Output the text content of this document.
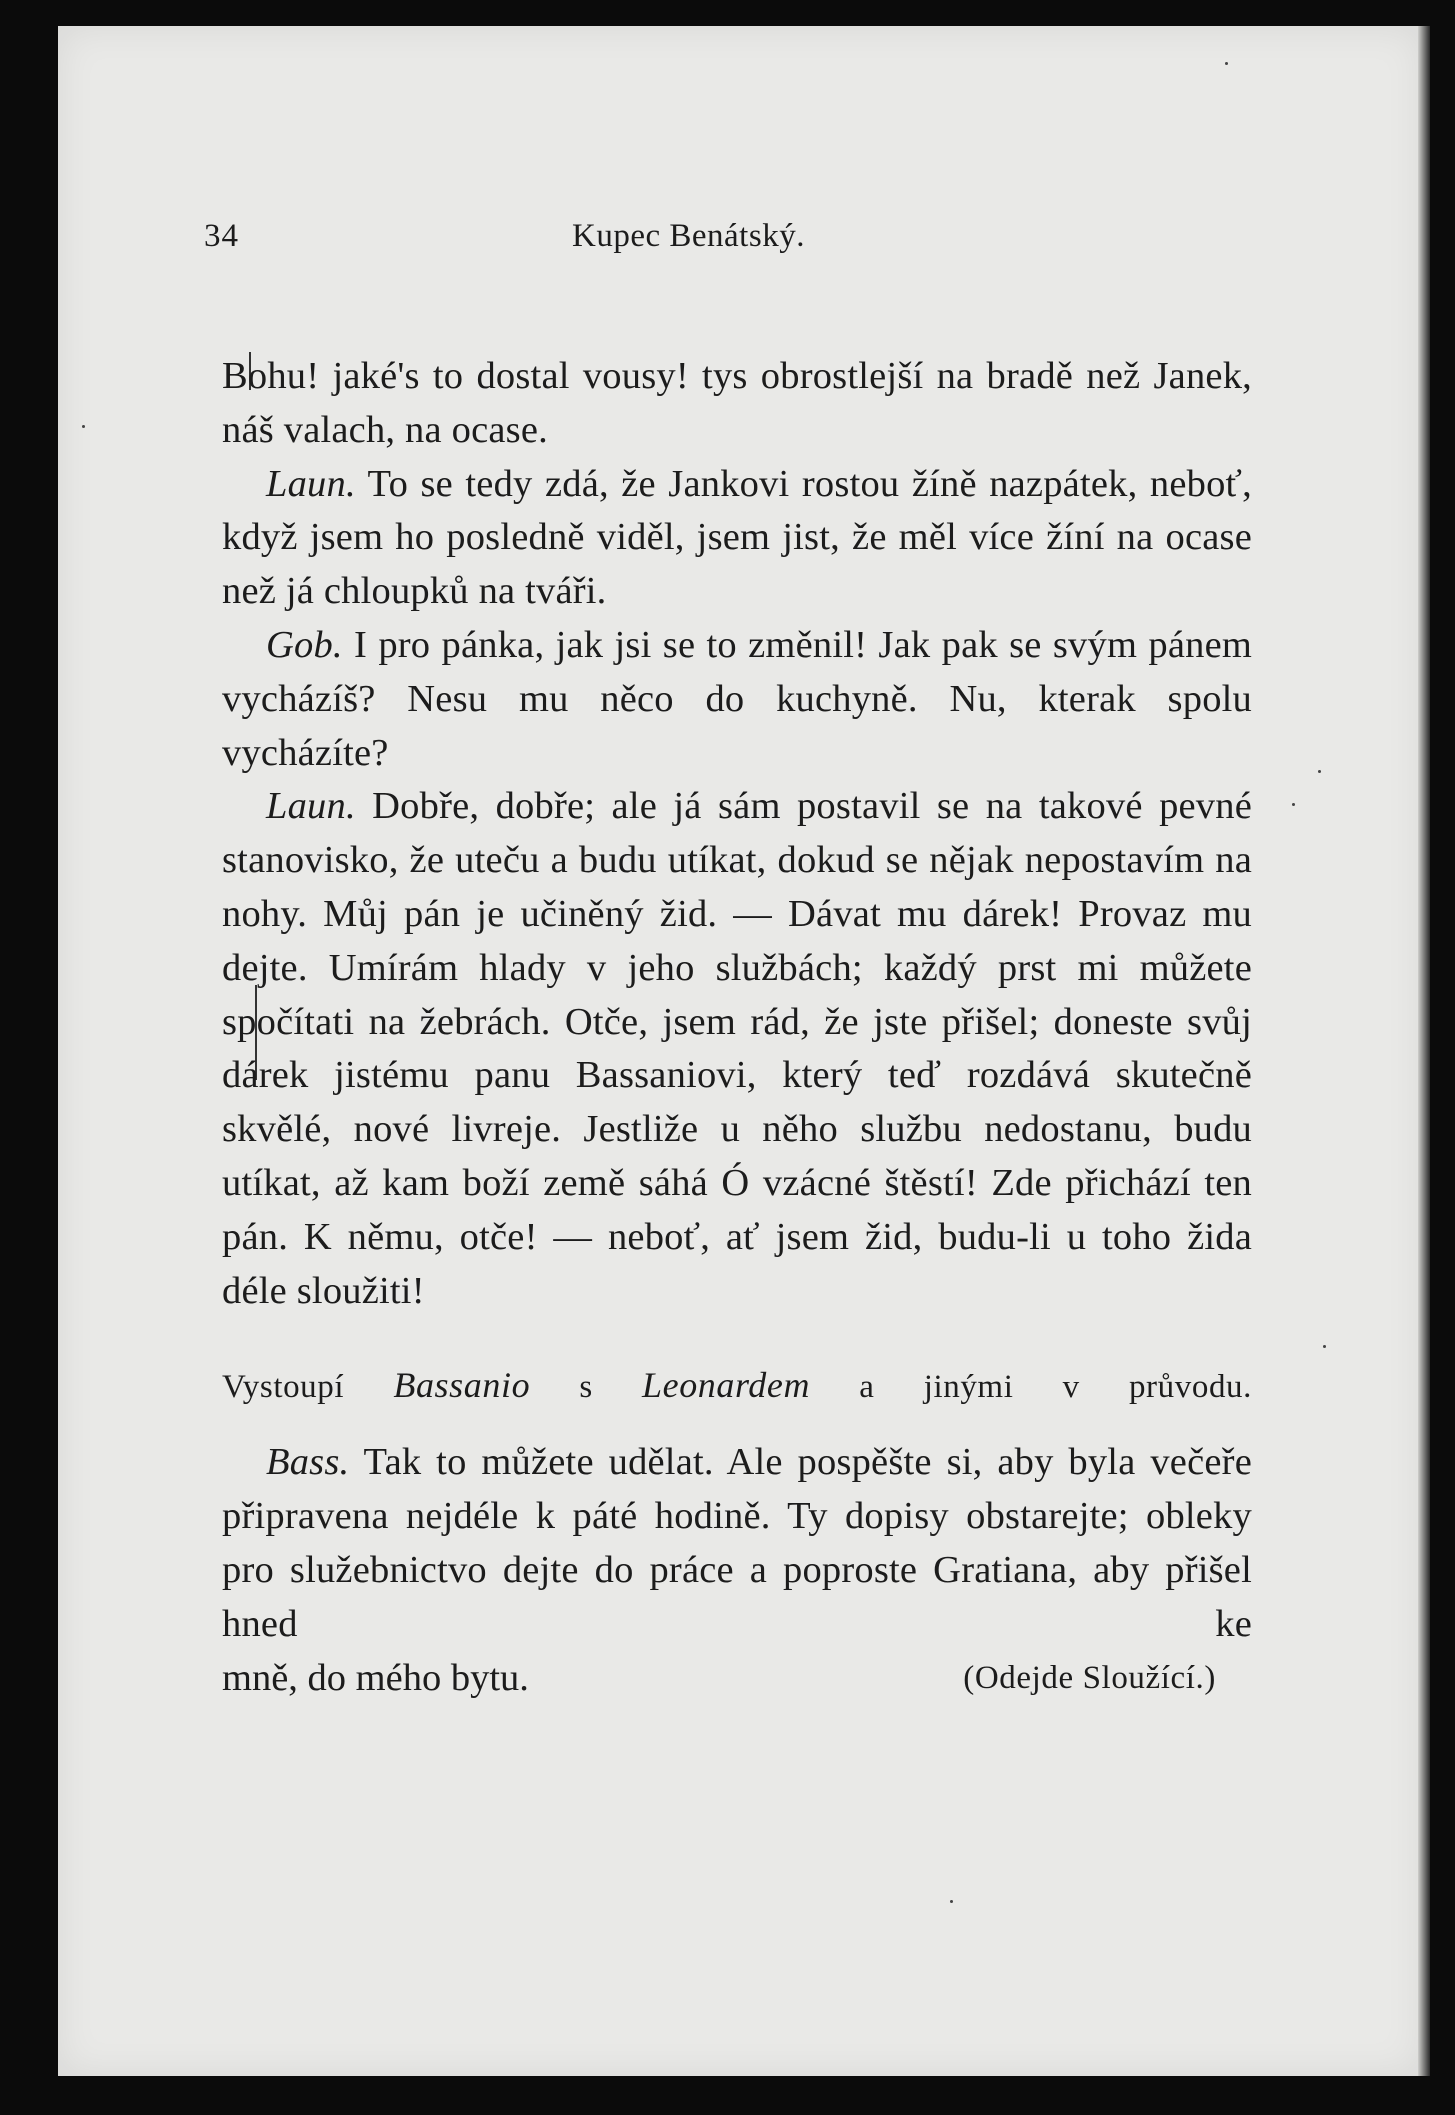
34	Kupec Benátský.

Bohu! jaké's to dostal vousy! tys obrostlejší na bradě než Janek, náš valach, na ocase.

Laun. To se tedy zdá, že Jankovi rostou žíně nazpátek, neboť, když jsem ho posledně viděl, jsem jist, že měl více žíní na ocase než já chloupků na tváři.

Gob. I pro pánka, jak jsi se to změnil! Jak pak se svým pánem vycházíš? Nesu mu něco do kuchyně. Nu, kterak spolu vycházíte?

Laun. Dobře, dobře; ale já sám postavil se na takové pevné stanovisko, že uteču a budu utíkat, dokud se nějak nepostavím na nohy. Můj pán je učiněný žid. — Dávat mu dárek! Provaz mu dejte. Umírám hlady v jeho službách; každý prst mi můžete spočítati na žebrách. Otče, jsem rád, že jste přišel; doneste svůj dárek jistému panu Bassaniovi, který teď rozdává skutečně skvělé, nové livreje. Jestliže u něho službu nedostanu, budu utíkat, až kam boží země sáhá Ó vzácné štěstí! Zde přichází ten pán. K němu, otče! — neboť, ať jsem žid, budu-li u toho žida déle sloužiti!

Vystoupí Bassanio s Leonardem a jinými v průvodu.

Bass. Tak to můžete udělat. Ale pospěšte si, aby byla večeře připravena nejdéle k páté hodině. Ty dopisy obstarejte; obleky pro služebnictvo dejte do práce a poproste Gratiana, aby přišel hned ke

mně, do mého bytu.	(Odejde Sloužící.)
